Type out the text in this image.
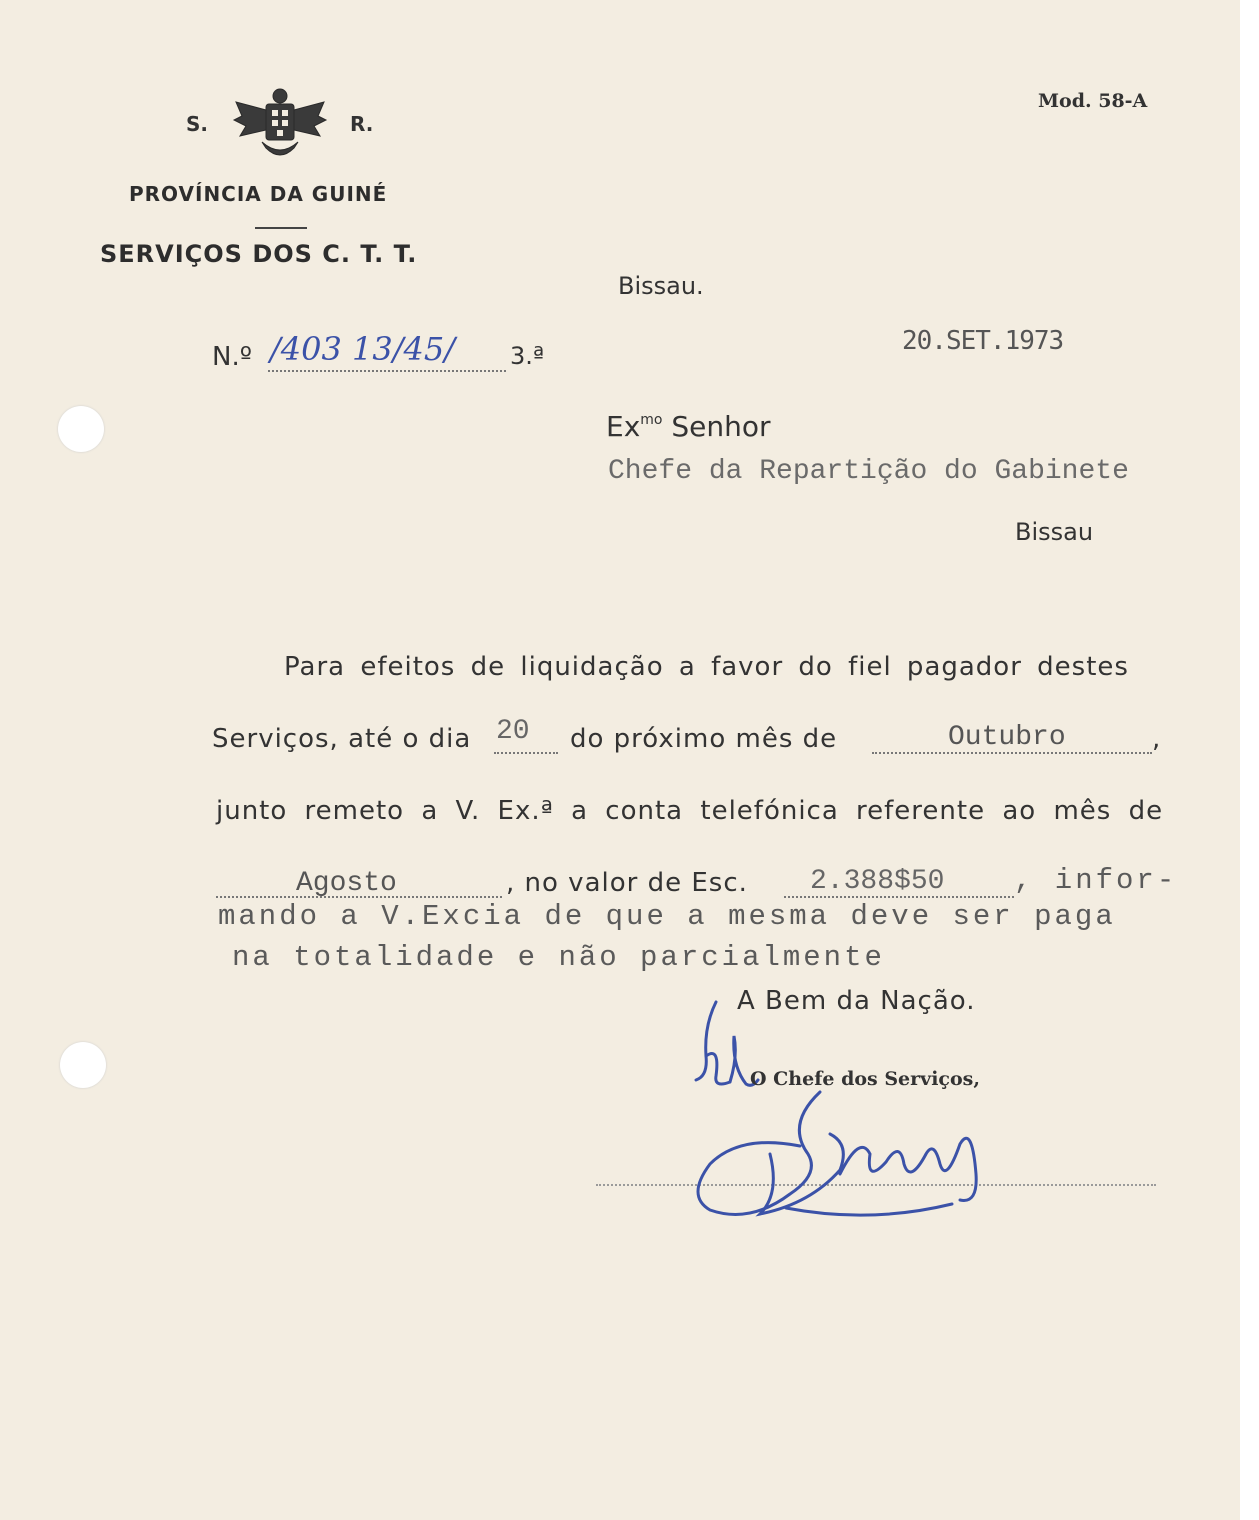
Mod. 58-A
S.	R.
PROVÍNCIA DA GUINÉ
SERVIÇOS DOS C. T. T.
Bissau.
20.SET.1973
N.º /403 13/45/ 3.ª
$Ex^{mo}$ Senhor
Chefe da Repartição do Gabinete
Bissau
Para efeitos de liquidação a favor do fiel pagador destes
Serviços, até o dia 20 do próximo mês de	Outubro	,
junto remeto a V. Ex.ª a conta telefónica referente ao mês de
Agosto	, no valor de Esc. 2.388$50 , infor-
mando a V.Excia de que a mesma deve ser paga
na totalidade e não parcialmente
A Bem da Nação.
O Chefe dos Serviços,
